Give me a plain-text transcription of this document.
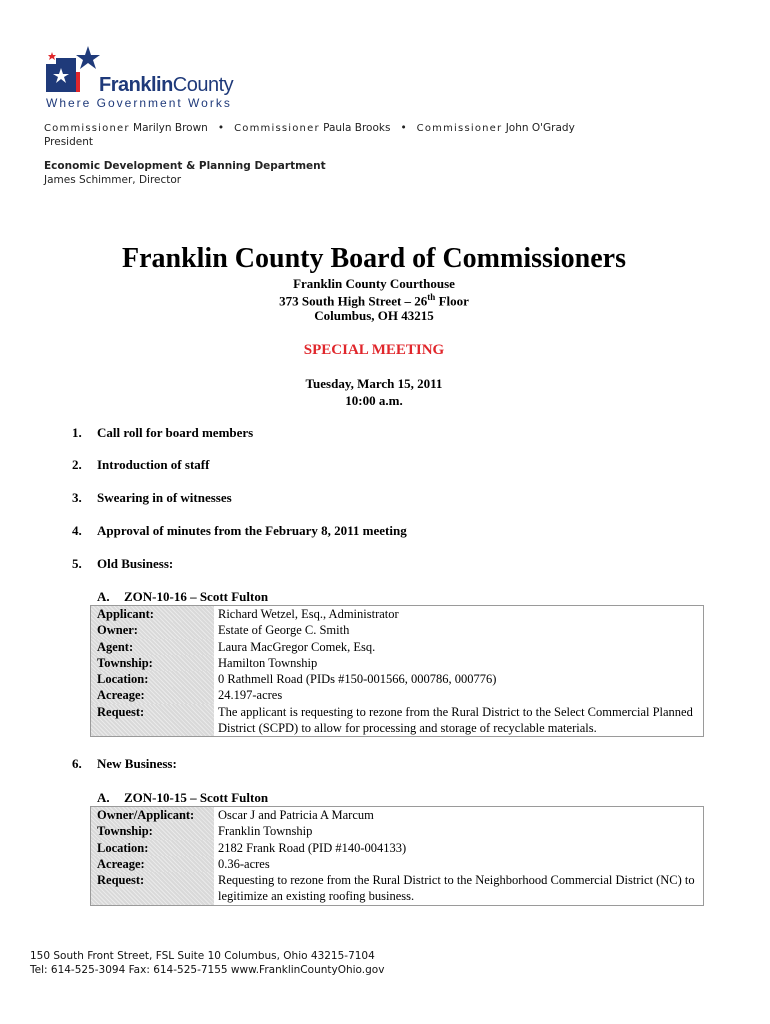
FranklinCounty
Where Government Works
Commissioner Marilyn Brown • Commissioner Paula Brooks • Commissioner John O'Grady
President
Economic Development & Planning Department
James Schimmer, Director
Franklin County Board of Commissioners
Franklin County Courthouse
373 South High Street – 26th Floor
Columbus, OH 43215
SPECIAL MEETING
Tuesday, March 15, 2011
10:00 a.m.
1. Call roll for board members
2. Introduction of staff
3. Swearing in of witnesses
4. Approval of minutes from the February 8, 2011 meeting
5. Old Business:
A. ZON-10-16 – Scott Fulton
Applicant:	Richard Wetzel, Esq., Administrator
Owner:	Estate of George C. Smith
Agent:	Laura MacGregor Comek, Esq.
Township:	Hamilton Township
Location:	0 Rathmell Road (PIDs #150-001566, 000786, 000776)
Acreage:	24.197-acres
Request:	The applicant is requesting to rezone from the Rural District to the Select Commercial Planned District (SCPD) to allow for processing and storage of recyclable materials.
6. New Business:
A. ZON-10-15 – Scott Fulton
Owner/Applicant:	Oscar J and Patricia A Marcum
Township:	Franklin Township
Location:	2182 Frank Road (PID #140-004133)
Acreage:	0.36-acres
Request:	Requesting to rezone from the Rural District to the Neighborhood Commercial District (NC) to legitimize an existing roofing business.
150 South Front Street, FSL Suite 10 Columbus, Ohio 43215-7104
Tel: 614-525-3094 Fax: 614-525-7155 www.FranklinCountyOhio.gov
